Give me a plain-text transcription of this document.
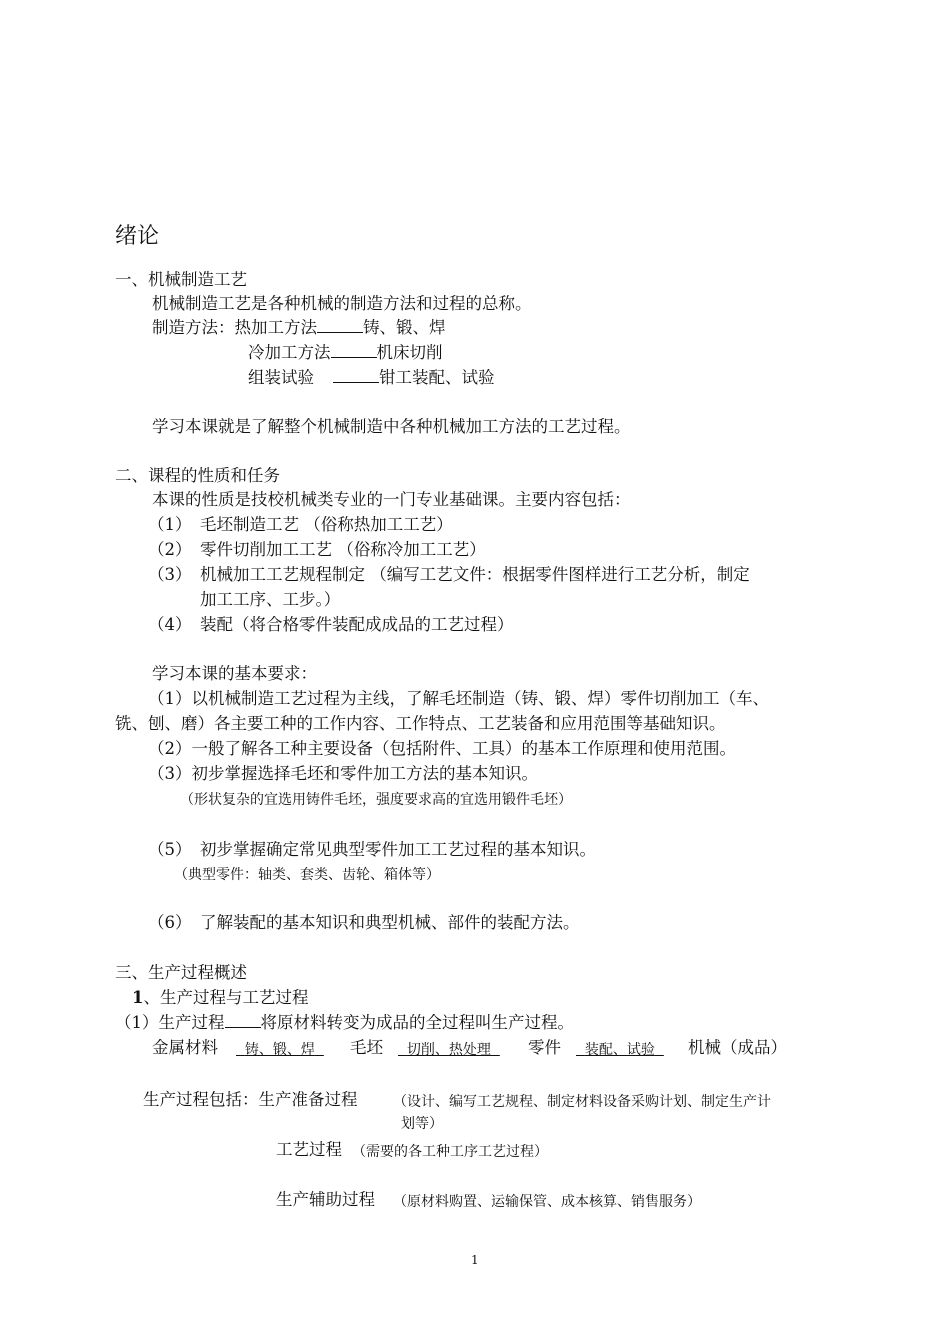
绪论
一、机械制造工艺
机械制造工艺是各种机械的制造方法和过程的总称。
制造方法：热加工方法	铸、锻、焊
冷加工方法	机床切削
组装试验	钳工装配、试验
学习本课就是了解整个机械制造中各种机械加工方法的工艺过程。
二、课程的性质和任务
本课的性质是技校机械类专业的一门专业基础课。主要内容包括：
（1） 毛坯制造工艺 （俗称热加工工艺）
（2） 零件切削加工工艺 （俗称冷加工工艺）
（3） 机械加工工艺规程制定 （编写工艺文件：根据零件图样进行工艺分析，制定
加工工序、工步。）
（4） 装配（将合格零件装配成成品的工艺过程）
学习本课的基本要求：
（1）以机械制造工艺过程为主线，了解毛坯制造（铸、锻、焊）零件切削加工（车、
铣、刨、磨）各主要工种的工作内容、工作特点、工艺装备和应用范围等基础知识。
（2）一般了解各工种主要设备（包括附件、工具）的基本工作原理和使用范围。
（3）初步掌握选择毛坯和零件加工方法的基本知识。
（形状复杂的宜选用铸件毛坯，强度要求高的宜选用锻件毛坯）
（5） 初步掌握确定常见典型零件加工工艺过程的基本知识。
（典型零件：轴类、套类、齿轮、箱体等）
（6） 了解装配的基本知识和典型机械、部件的装配方法。
三、生产过程概述
1、生产过程与工艺过程
（1）生产过程 将原材料转变为成品的全过程叫生产过程。
金属材料	铸、锻、焊	毛坯	切削、热处理	零件	装配、试验	机械（成品）
生产过程包括：生产准备过程	（设计、编写工艺规程、制定材料设备采购计划、制定生产计
划等）
工艺过程 （需要的各工种工序工艺过程）
生产辅助过程 （原材料购置、运输保管、成本核算、销售服务）
1
